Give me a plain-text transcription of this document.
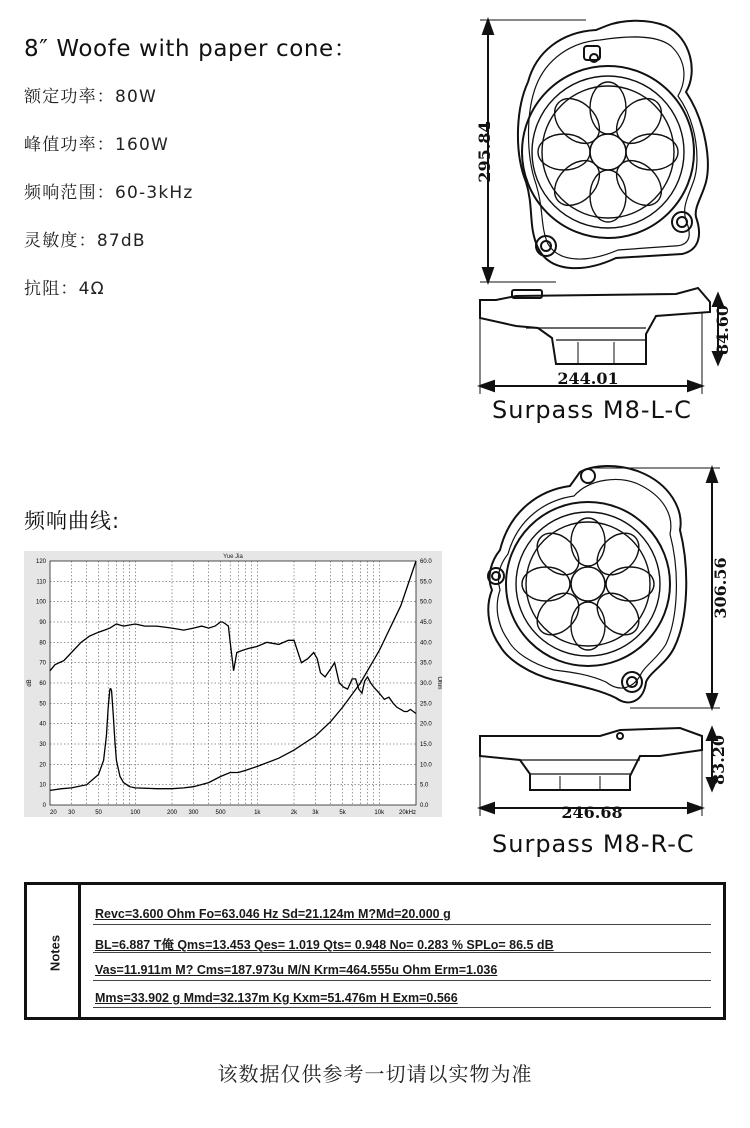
8″ Woofe with paper cone：
额定功率：80W
峰值功率：160W
频响范围：60-3kHz
灵敏度：87dB
抗阻：4Ω
295.84
84.60
244.01
Surpass M8-L-C
306.56
83.20
246.68
Surpass M8-R-C
频响曲线:
Yue Jia
0
10
20
30
40
50
60
70
80
90
100
110
120
0.0
5.0
10.0
15.0
20.0
25.0
30.0
35.0
40.0
45.0
50.0
55.0
60.0
20 30	50	100	200 300	500	1k	2k	3k	5k	10k 20kHz
dB	Ohm
Notes
Revc=3.600 Ohm Fo=63.046 Hz Sd=21.124m M?Md=20.000 g
BL=6.887 T俺 Qms=13.453 Qes= 1.019 Qts= 0.948 No= 0.283 % SPLo= 86.5 dB
Vas=11.911m M? Cms=187.973u M/N Krm=464.555u Ohm Erm=1.036
Mms=33.902 g Mmd=32.137m Kg Kxm=51.476m H Exm=0.566
该数据仅供参考一切请以实物为准
